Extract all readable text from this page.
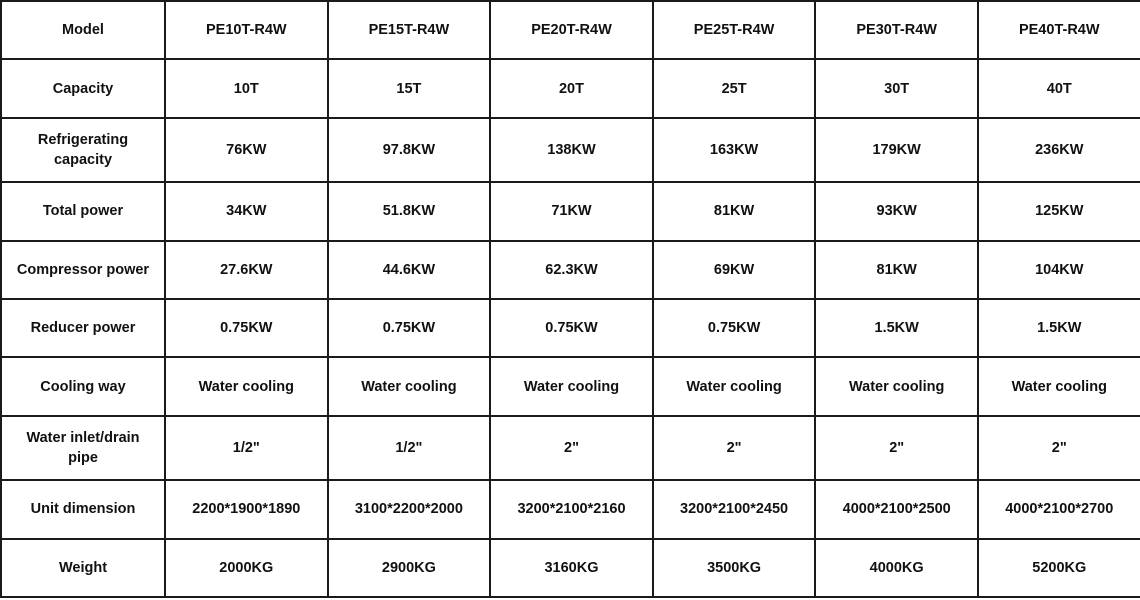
Model	PE10T-R4W	PE15T-R4W	PE20T-R4W	PE25T-R4W	PE30T-R4W	PE40T-R4W
Capacity	10T	15T	20T	25T	30T	40T
Refrigerating capacity	76KW	97.8KW	138KW	163KW	179KW	236KW
Total power	34KW	51.8KW	71KW	81KW	93KW	125KW
Compressor power	27.6KW	44.6KW	62.3KW	69KW	81KW	104KW
Reducer power	0.75KW	0.75KW	0.75KW	0.75KW	1.5KW	1.5KW
Cooling way	Water cooling	Water cooling	Water cooling	Water cooling	Water cooling	Water cooling
Water inlet/drain pipe	1/2"	1/2"	2"	2"	2"	2"
Unit dimension	2200*1900*1890	3100*2200*2000	3200*2100*2160	3200*2100*2450	4000*2100*2500	4000*2100*2700
Weight	2000KG	2900KG	3160KG	3500KG	4000KG	5200KG
